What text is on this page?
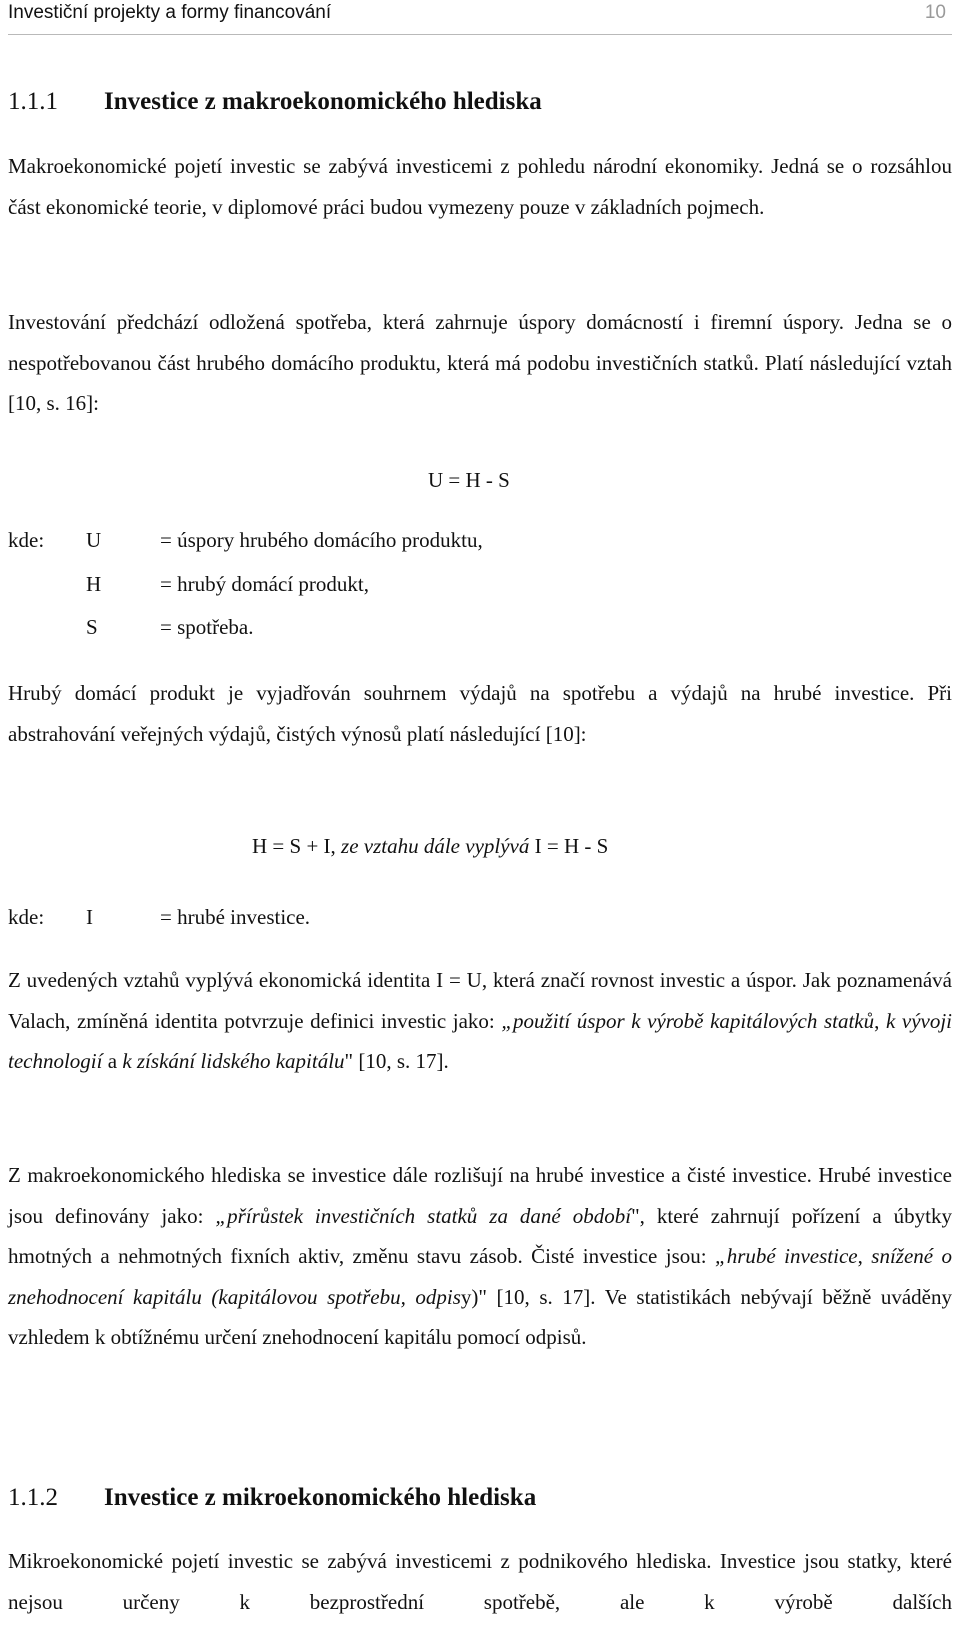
Investiční projekty a formy financování	10
1.1.1 Investice z makroekonomického hlediska

Makroekonomické pojetí investic se zabývá investicemi z pohledu národní ekonomiky. Jedná se o rozsáhlou část ekonomické teorie, v diplomové práci budou vymezeny pouze v základních pojmech.

Investování předchází odložená spotřeba, která zahrnuje úspory domácností i firemní úspory. Jedna se o nespotřebovanou část hrubého domácího produktu, která má podobu investičních statků. Platí následující vztah [10, s. 16]:

U = H - S
kde: U	= úspory hrubého domácího produktu,
H	= hrubý domácí produkt,
S	= spotřeba.

Hrubý domácí produkt je vyjadřován souhrnem výdajů na spotřebu a výdajů na hrubé investice. Při abstrahování veřejných výdajů, čistých výnosů platí následující [10]:

H = S + I, ze vztahu dále vyplývá I = H - S
kde: I	= hrubé investice.

Z uvedených vztahů vyplývá ekonomická identita I = U, která značí rovnost investic a úspor. Jak poznamenává Valach, zmíněná identita potvrzuje definici investic jako: „použití úspor k výrobě kapitálových statků, k vývoji technologií a k získání lidského kapitálu" [10, s. 17].

Z makroekonomického hlediska se investice dále rozlišují na hrubé investice a čisté investice. Hrubé investice jsou definovány jako: „přírůstek investičních statků za dané období", které zahrnují pořízení a úbytky hmotných a nehmotných fixních aktiv, změnu stavu zásob. Čisté investice jsou: „hrubé investice, snížené o znehodnocení kapitálu (kapitálovou spotřebu, odpisy)" [10, s. 17]. Ve statistikách nebývají běžně uváděny vzhledem k obtížnému určení znehodnocení kapitálu pomocí odpisů.

1.1.2 Investice z mikroekonomického hlediska

Mikroekonomické pojetí investic se zabývá investicemi z podnikového hlediska. Investice jsou statky, které nejsou určeny k bezprostřední spotřebě, ale k výrobě dalších
